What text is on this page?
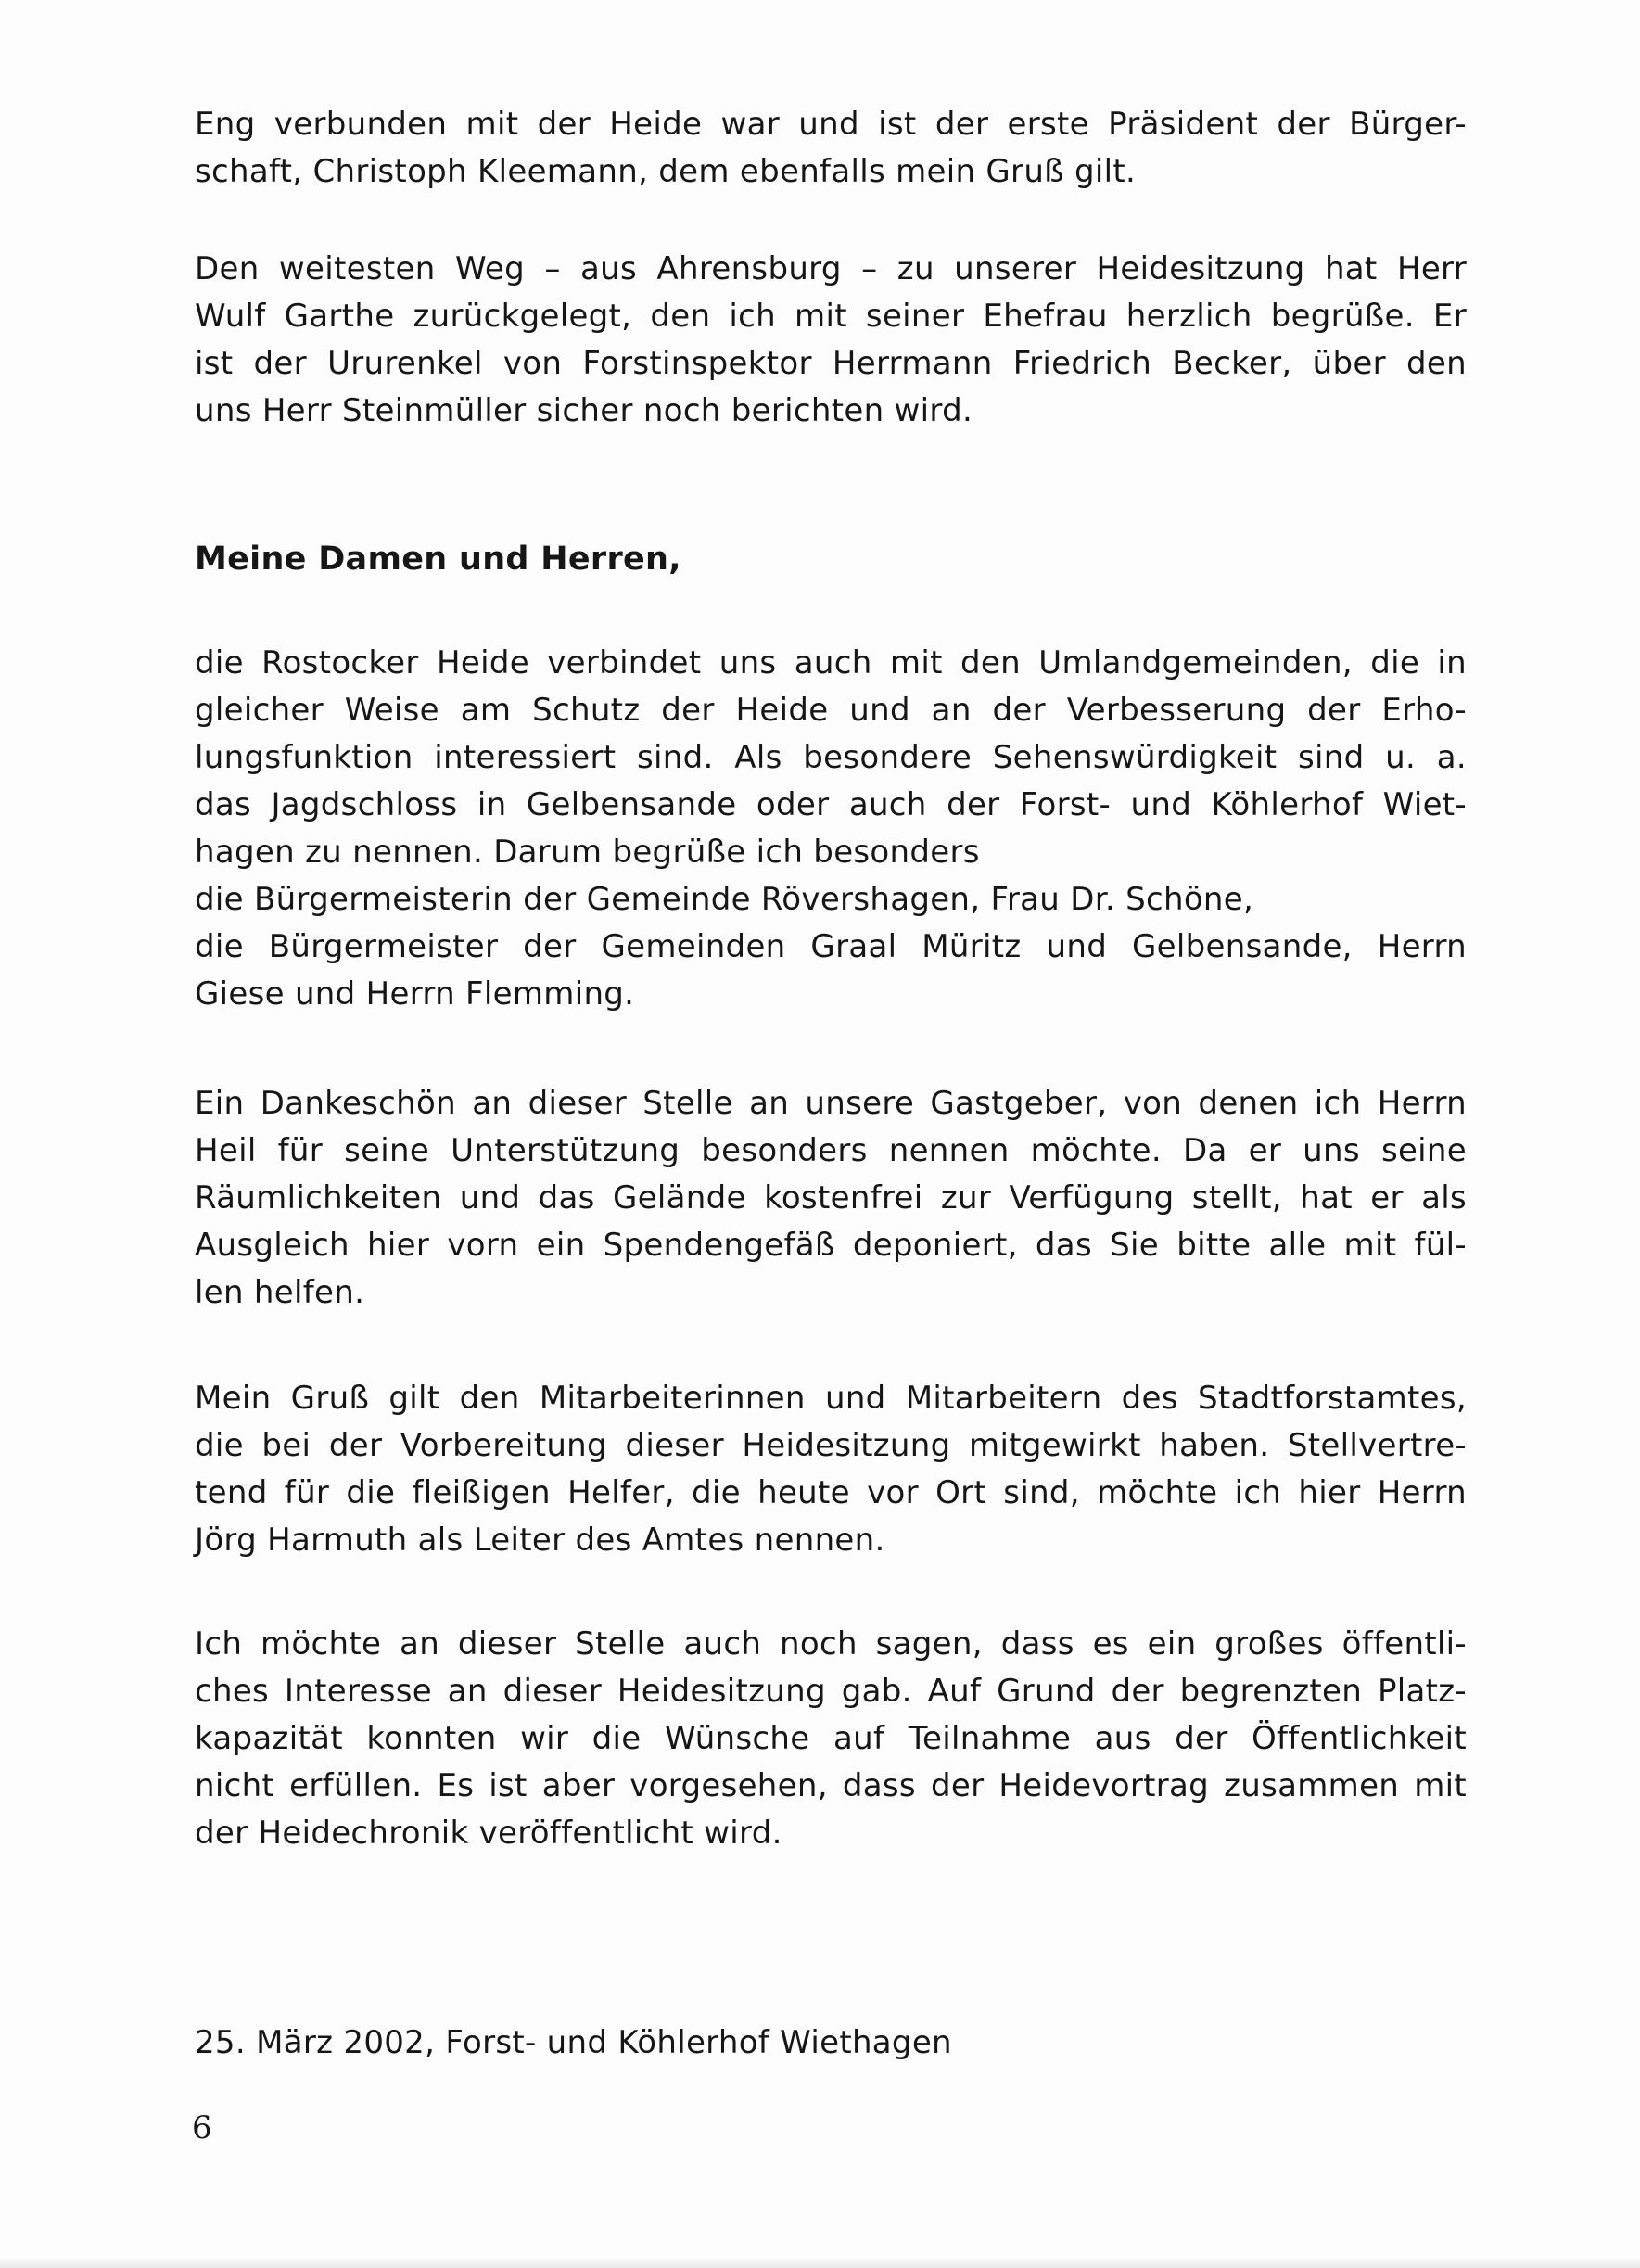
Eng verbunden mit der Heide war und ist der erste Präsident der Bürger-
schaft, Christoph Kleemann, dem ebenfalls mein Gruß gilt.
Den weitesten Weg – aus Ahrensburg – zu unserer Heidesitzung hat Herr
Wulf Garthe zurückgelegt, den ich mit seiner Ehefrau herzlich begrüße. Er
ist der Ururenkel von Forstinspektor Herrmann Friedrich Becker, über den
uns Herr Steinmüller sicher noch berichten wird.
Meine Damen und Herren,
die Rostocker Heide verbindet uns auch mit den Umlandgemeinden, die in
gleicher Weise am Schutz der Heide und an der Verbesserung der Erho-
lungsfunktion interessiert sind. Als besondere Sehenswürdigkeit sind u. a.
das Jagdschloss in Gelbensande oder auch der Forst- und Köhlerhof Wiet-
hagen zu nennen. Darum begrüße ich besonders
die Bürgermeisterin der Gemeinde Rövershagen, Frau Dr. Schöne,
die Bürgermeister der Gemeinden Graal Müritz und Gelbensande, Herrn
Giese und Herrn Flemming.
Ein Dankeschön an dieser Stelle an unsere Gastgeber, von denen ich Herrn
Heil für seine Unterstützung besonders nennen möchte. Da er uns seine
Räumlichkeiten und das Gelände kostenfrei zur Verfügung stellt, hat er als
Ausgleich hier vorn ein Spendengefäß deponiert, das Sie bitte alle mit fül-
len helfen.
Mein Gruß gilt den Mitarbeiterinnen und Mitarbeitern des Stadtforstamtes,
die bei der Vorbereitung dieser Heidesitzung mitgewirkt haben. Stellvertre-
tend für die fleißigen Helfer, die heute vor Ort sind, möchte ich hier Herrn
Jörg Harmuth als Leiter des Amtes nennen.
Ich möchte an dieser Stelle auch noch sagen, dass es ein großes öffentli-
ches Interesse an dieser Heidesitzung gab. Auf Grund der begrenzten Platz-
kapazität konnten wir die Wünsche auf Teilnahme aus der Öffentlichkeit
nicht erfüllen. Es ist aber vorgesehen, dass der Heidevortrag zusammen mit
der Heidechronik veröffentlicht wird.
25. März 2002, Forst- und Köhlerhof Wiethagen
6
